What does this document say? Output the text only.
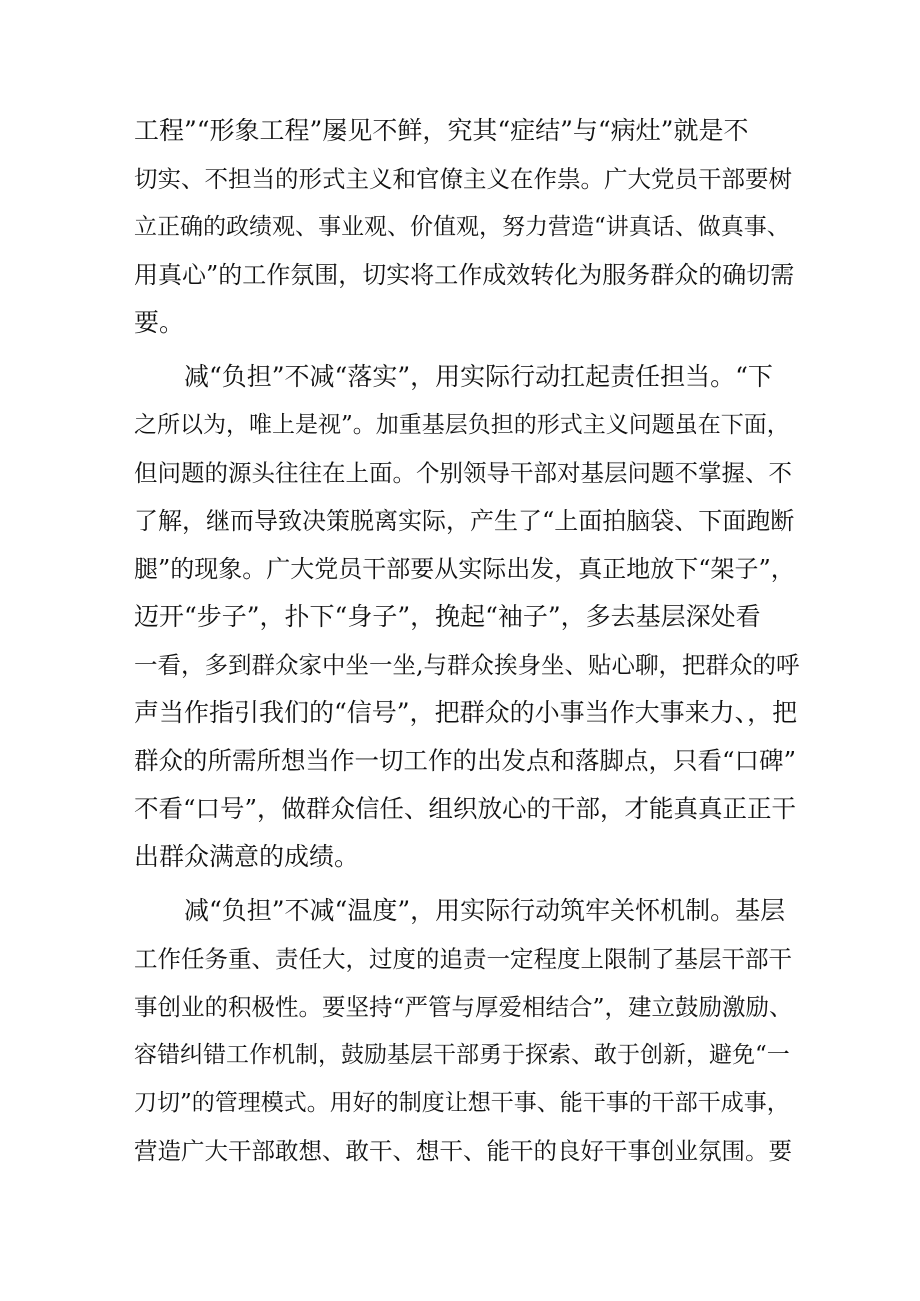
工程”“形象工程”屡见不鲜，究其“症结”与“病灶”就是不
切实、不担当的形式主义和官僚主义在作祟。广大党员干部要树
立正确的政绩观、事业观、价值观，努力营造“讲真话、做真事、
用真心”的工作氛围，切实将工作成效转化为服务群众的确切需
要。
减“负担”不减“落实”，用实际行动扛起责任担当。“下
之所以为，唯上是视”。加重基层负担的形式主义问题虽在下面，
但问题的源头往往在上面。个别领导干部对基层问题不掌握、不
了解，继而导致决策脱离实际，产生了“上面拍脑袋、下面跑断
腿”的现象。广大党员干部要从实际出发，真正地放下“架子”，
迈开“步子”，扑下“身子”，挽起“袖子”，多去基层深处看
一看，多到群众家中坐一坐,与群众挨身坐、贴心聊，把群众的呼
声当作指引我们的“信号”，把群众的小事当作大事来力、，把
群众的所需所想当作一切工作的出发点和落脚点，只看“口碑”
不看“口号”，做群众信任、组织放心的干部，才能真真正正干
出群众满意的成绩。
减“负担”不减“温度”，用实际行动筑牢关怀机制。基层
工作任务重、责任大，过度的追责一定程度上限制了基层干部干
事创业的积极性。要坚持“严管与厚爱相结合”，建立鼓励激励、
容错纠错工作机制，鼓励基层干部勇于探索、敢于创新，避免“一
刀切”的管理模式。用好的制度让想干事、能干事的干部干成事，
营造广大干部敢想、敢干、想干、能干的良好干事创业氛围。要
